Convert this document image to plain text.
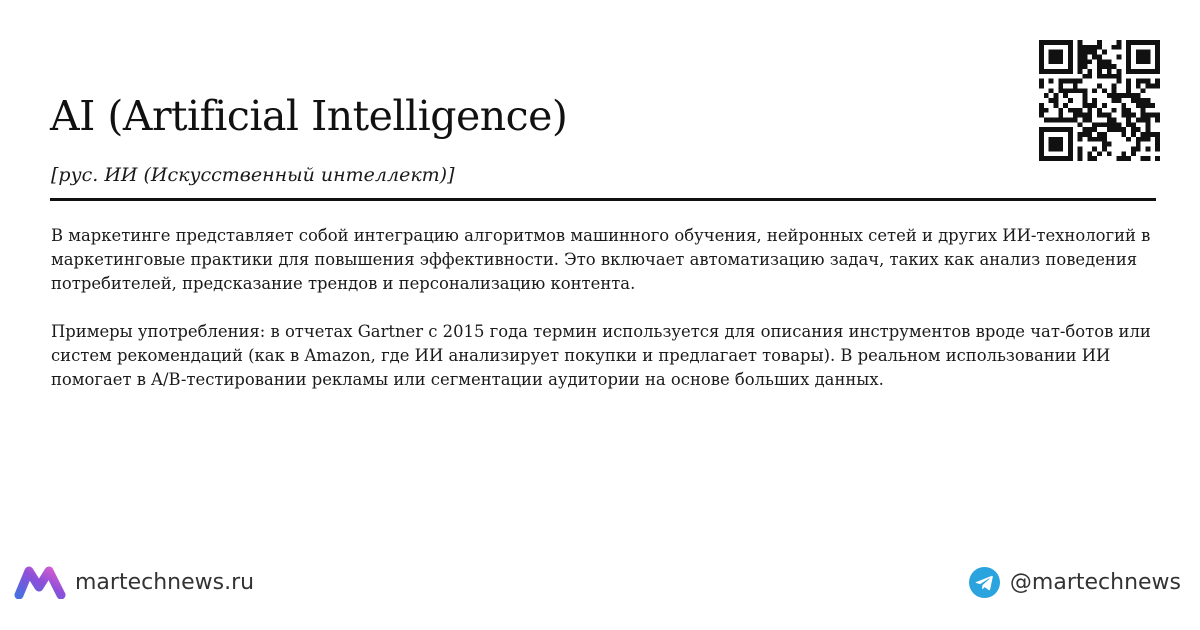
AI (Artificial Intelligence)
[рус. ИИ (Искусственный интеллект)]

В маркетинге представляет собой интеграцию алгоритмов машинного обучения, нейронных сетей и других ИИ-технологий в маркетинговые практики для повышения эффективности. Это включает автоматизацию задач, таких как анализ поведения потребителей, предсказание трендов и персонализацию контента.

Примеры употребления: в отчетах Gartner с 2015 года термин используется для описания инструментов вроде чат-ботов или систем рекомендаций (как в Amazon, где ИИ анализирует покупки и предлагает товары). В реальном использовании ИИ помогает в A/B-тестировании рекламы или сегментации аудитории на основе больших данных.

martechnews.ru	@martechnews
